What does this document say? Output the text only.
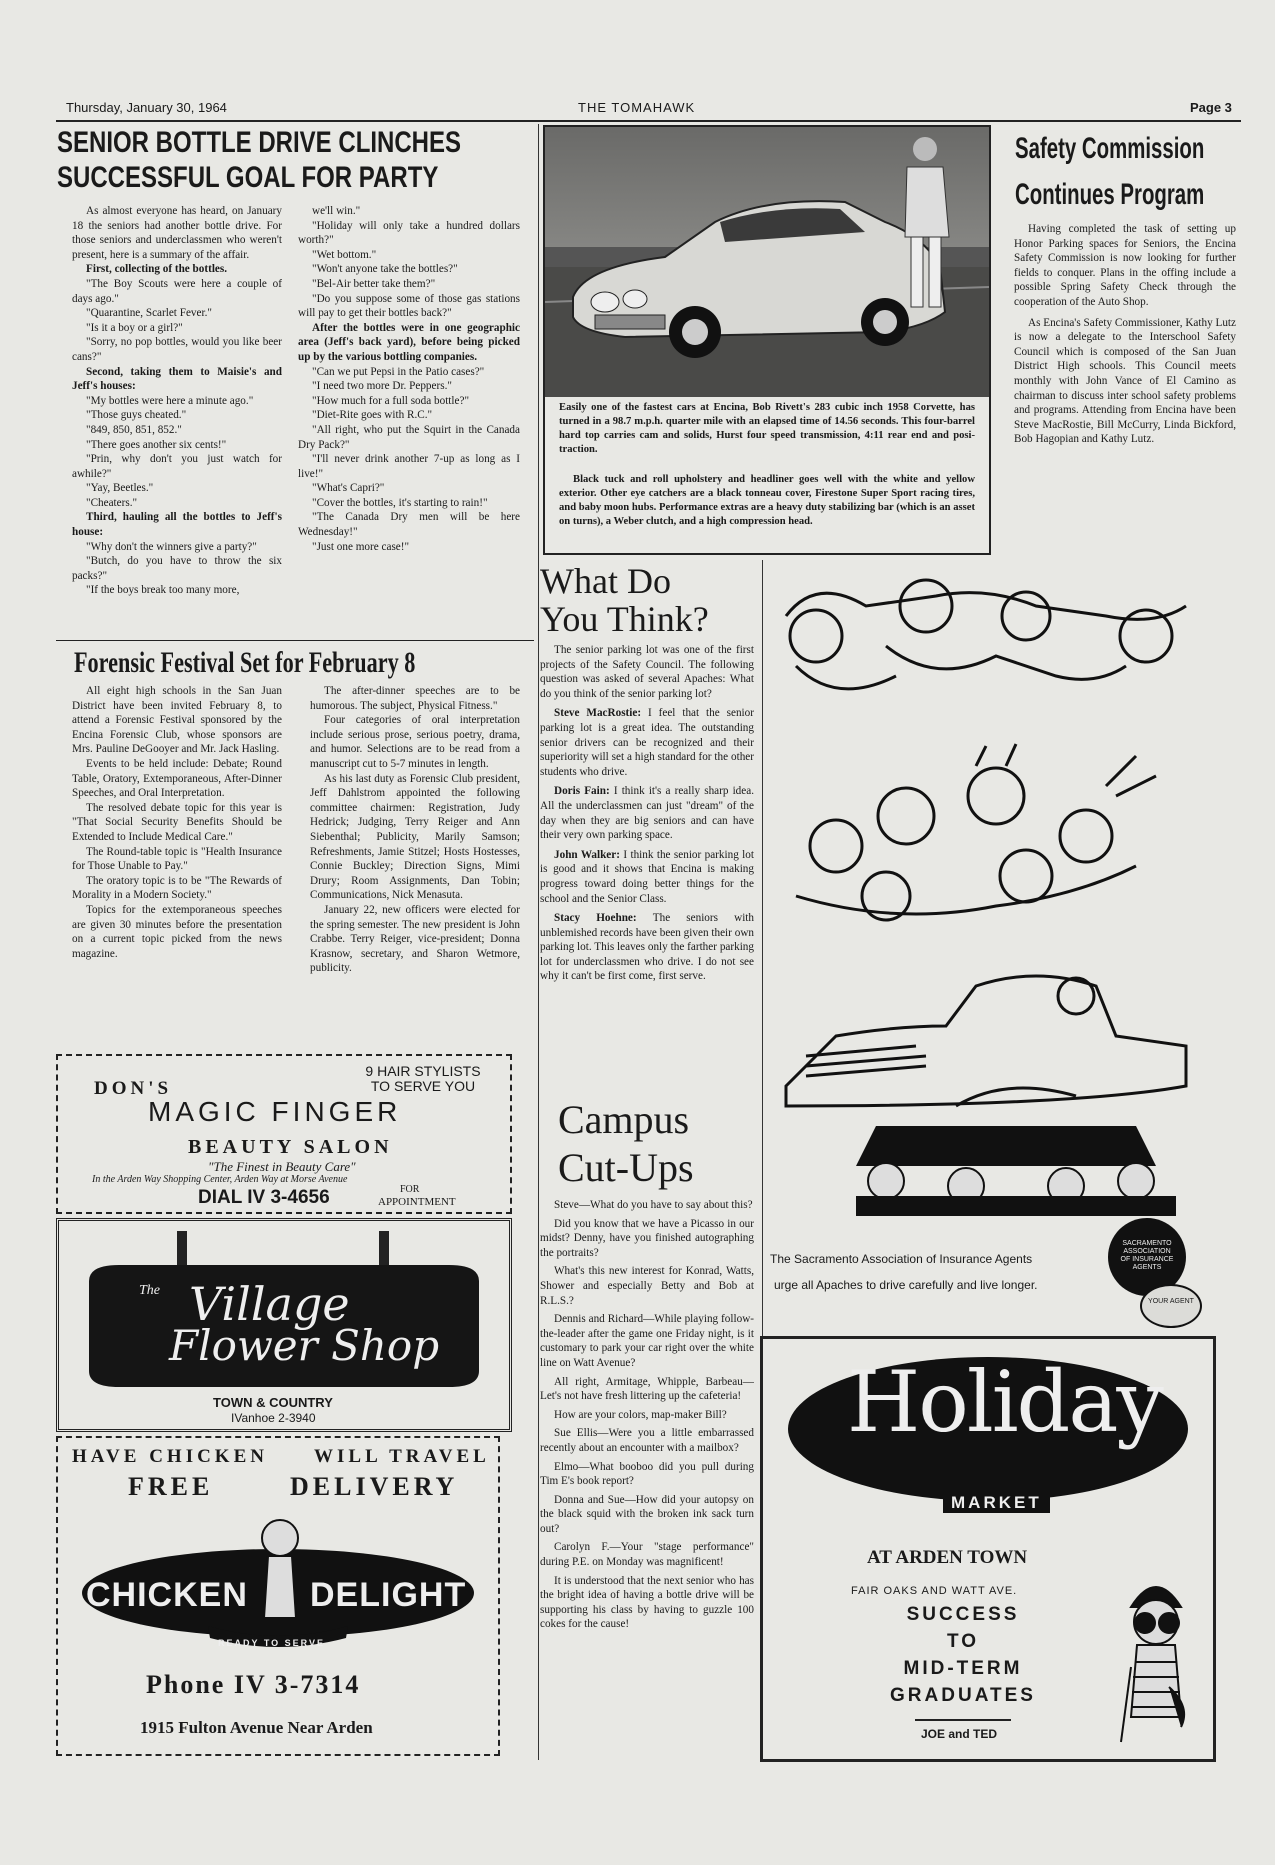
Thursday, January 30, 1964	THE TOMAHAWK	Page 3
SENIOR BOTTLE DRIVE CLINCHES
SUCCESSFUL GOAL FOR PARTY

As almost everyone has heard, on January 18 the seniors had another bottle drive. For those seniors and underclassmen who weren't present, here is a summary of the affair.

First, collecting of the bottles.

"The Boy Scouts were here a couple of days ago."

"Quarantine, Scarlet Fever."

"Is it a boy or a girl?"

"Sorry, no pop bottles, would you like beer cans?"

Second, taking them to Maisie's and Jeff's houses:

"My bottles were here a minute ago."

"Those guys cheated."

"849, 850, 851, 852."

"There goes another six cents!"

"Prin, why don't you just watch for awhile?"

"Yay, Beetles."

"Cheaters."

Third, hauling all the bottles to Jeff's house:

"Why don't the winners give a party?"

"Butch, do you have to throw the six packs?"

"If the boys break too many more,

we'll win."

"Holiday will only take a hundred dollars worth?"

"Wet bottom."

"Won't anyone take the bottles?"

"Bel-Air better take them?"

"Do you suppose some of those gas stations will pay to get their bottles back?"

After the bottles were in one geographic area (Jeff's back yard), before being picked up by the various bottling companies.

"Can we put Pepsi in the Patio cases?"

"I need two more Dr. Peppers."

"How much for a full soda bottle?"

"Diet-Rite goes with R.C."

"All right, who put the Squirt in the Canada Dry Pack?"

"I'll never drink another 7-up as long as I live!"

"What's Capri?"

"Cover the bottles, it's starting to rain!"

"The Canada Dry men will be here Wednesday!"

"Just one more case!"

Easily one of the fastest cars at Encina, Bob Rivett's 283 cubic inch 1958 Corvette, has turned in a 98.7 m.p.h. quarter mile with an elapsed time of 14.56 seconds. This four-barrel hard top carries cam and solids, Hurst four speed transmission, 4:11 rear end and posi-traction.
Black tuck and roll upholstery and headliner goes well with the white and yellow exterior. Other eye catchers are a black tonneau cover, Firestone Super Sport racing tires, and baby moon hubs. Performance extras are a heavy duty stabilizing bar (which is an asset on turns), a Weber clutch, and a high compression head.
Safety Commission
Continues Program

Having completed the task of setting up Honor Parking spaces for Seniors, the Encina Safety Commission is now looking for further fields to conquer. Plans in the offing include a possible Spring Safety Check through the cooperation of the Auto Shop.

As Encina's Safety Commissioner, Kathy Lutz is now a delegate to the Interschool Safety Council which is composed of the San Juan District High schools. This Council meets monthly with John Vance of El Camino as chairman to discuss inter school safety problems and programs. Attending from Encina have been Steve MacRostie, Bill McCurry, Linda Bickford, Bob Hagopian and Kathy Lutz.

Forensic Festival Set for February 8

All eight high schools in the San Juan District have been invited February 8, to attend a Forensic Festival sponsored by the Encina Forensic Club, whose sponsors are Mrs. Pauline DeGooyer and Mr. Jack Hasling.

Events to be held include: Debate; Round Table, Oratory, Extemporaneous, After-Dinner Speeches, and Oral Interpretation.

The resolved debate topic for this year is "That Social Security Benefits Should be Extended to Include Medical Care."

The Round-table topic is "Health Insurance for Those Unable to Pay."

The oratory topic is to be "The Rewards of Morality in a Modern Society."

Topics for the extemporaneous speeches are given 30 minutes before the presentation on a current topic picked from the news magazine.

The after-dinner speeches are to be humorous. The subject, Physical Fitness."

Four categories of oral interpretation include serious prose, serious poetry, drama, and humor. Selections are to be read from a manuscript cut to 5-7 minutes in length.

As his last duty as Forensic Club president, Jeff Dahlstrom appointed the following committee chairmen: Registration, Judy Hedrick; Judging, Terry Reiger and Ann Siebenthal; Publicity, Marily Samson; Refreshments, Jamie Stitzel; Hosts Hostesses, Connie Buckley; Direction Signs, Mimi Drury; Room Assignments, Dan Tobin; Communications, Nick Menasuta.

January 22, new officers were elected for the spring semester. The new president is John Crabbe. Terry Reiger, vice-president; Donna Krasnow, secretary, and Sharon Wetmore, publicity.

9 HAIR STYLISTS
TO SERVE YOU
DON'S
MAGIC FINGER
BEAUTY SALON
"The Finest in Beauty Care"
In the Arden Way Shopping Center, Arden Way at Morse Avenue
DIAL IV 3-4656	FOR
APPOINTMENT
The Village
Flower Shop
TOWN & COUNTRY
IVanhoe 2-3940
HAVE CHICKEN WILL TRAVEL
FREE	DELIVERY
CHICKEN DELIGHT
READY TO SERVE
Phone IV 3-7314
1915 Fulton Avenue Near Arden
What Do
You Think?

The senior parking lot was one of the first projects of the Safety Council. The following question was asked of several Apaches: What do you think of the senior parking lot?

Steve MacRostie: I feel that the senior parking lot is a great idea. The outstanding senior drivers can be recognized and their superiority will set a high standard for the other students who drive.

Doris Fain: I think it's a really sharp idea. All the underclassmen can just "dream" of the day when they are big seniors and can have their very own parking space.

John Walker: I think the senior parking lot is good and it shows that Encina is making progress toward doing better things for the school and the Senior Class.

Stacy Hoehne: The seniors with unblemished records have been given their own parking lot. This leaves only the farther parking lot for underclassmen who drive. I do not see why it can't be first come, first serve.

Campus
Cut-Ups

Steve—What do you have to say about this?

Did you know that we have a Picasso in our midst? Denny, have you finished autographing the portraits?

What's this new interest for Konrad, Watts, Shower and especially Betty and Bob at R.L.S.?

Dennis and Richard—While playing follow-the-leader after the game one Friday night, is it customary to park your car right over the white line on Watt Avenue?

All right, Armitage, Whipple, Barbeau—Let's not have fresh littering up the cafeteria!

How are your colors, map-maker Bill?

Sue Ellis—Were you a little embarrassed recently about an encounter with a mailbox?

Elmo—What booboo did you pull during Tim E's book report?

Donna and Sue—How did your autopsy on the black squid with the broken ink sack turn out?

Carolyn F.—Your "stage performance" during P.E. on Monday was magnificent!

It is understood that the next senior who has the bright idea of having a bottle drive will be supporting his class by having to guzzle 100 cokes for the cause!

The Sacramento Association of Insurance Agents
urge all Apaches to drive carefully and live longer.
SACRAMENTO ASSOCIATION OF INSURANCE AGENTS
YOUR AGENT
Holiday
MARKET
AT ARDEN TOWN
FAIR OAKS AND WATT AVE.
SUCCESS
TO
MID-TERM
GRADUATES
JOE and TED
